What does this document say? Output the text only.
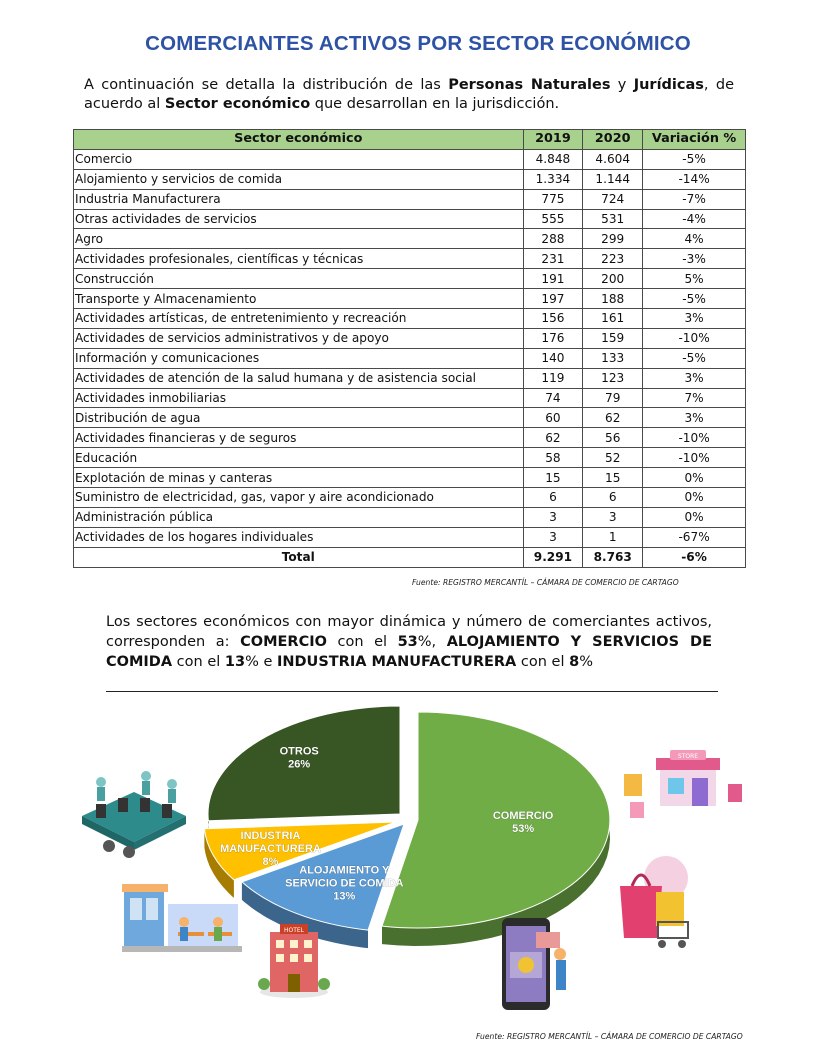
COMERCIANTES ACTIVOS POR SECTOR ECONÓMICO

A continuación se detalla la distribución de las Personas Naturales y Jurídicas, de acuerdo al Sector económico que desarrollan en la jurisdicción.

Sector económico	2019	2020	Variación %
Comercio	4.848	4.604	-5%
Alojamiento y servicios de comida	1.334	1.144	-14%
Industria Manufacturera	775	724	-7%
Otras actividades de servicios	555	531	-4%
Agro	288	299	4%
Actividades profesionales, científicas y técnicas	231	223	-3%
Construcción	191	200	5%
Transporte y Almacenamiento	197	188	-5%
Actividades artísticas, de entretenimiento y recreación	156	161	3%
Actividades de servicios administrativos y de apoyo	176	159	-10%
Información y comunicaciones	140	133	-5%
Actividades de atención de la salud humana y de asistencia social	119	123	3%
Actividades inmobiliarias	74	79	7%
Distribución de agua	60	62	3%
Actividades financieras y de seguros	62	56	-10%
Educación	58	52	-10%
Explotación de minas y canteras	15	15	0%
Suministro de electricidad, gas, vapor y aire acondicionado	6	6	0%
Administración pública	3	3	0%
Actividades de los hogares individuales	3	1	-67%
Total	9.291	8.763	-6%
Fuente: REGISTRO MERCANTÍL – CÁMARA DE COMERCIO DE CARTAGO

Los sectores económicos con mayor dinámica y número de comerciantes activos, corresponden a: COMERCIO con el 53%, ALOJAMIENTO Y SERVICIOS DE COMIDA con el 13% e INDUSTRIA MANUFACTURERA con el 8%

COMERCIO
53%
ALOJAMIENTO Y
SERVICIO DE COMIDA
13%
INDUSTRIA
MANUFACTURERA
8%
OTROS
26%
STORE
HOTEL
Fuente: REGISTRO MERCANTÍL – CÁMARA DE COMERCIO DE CARTAGO
